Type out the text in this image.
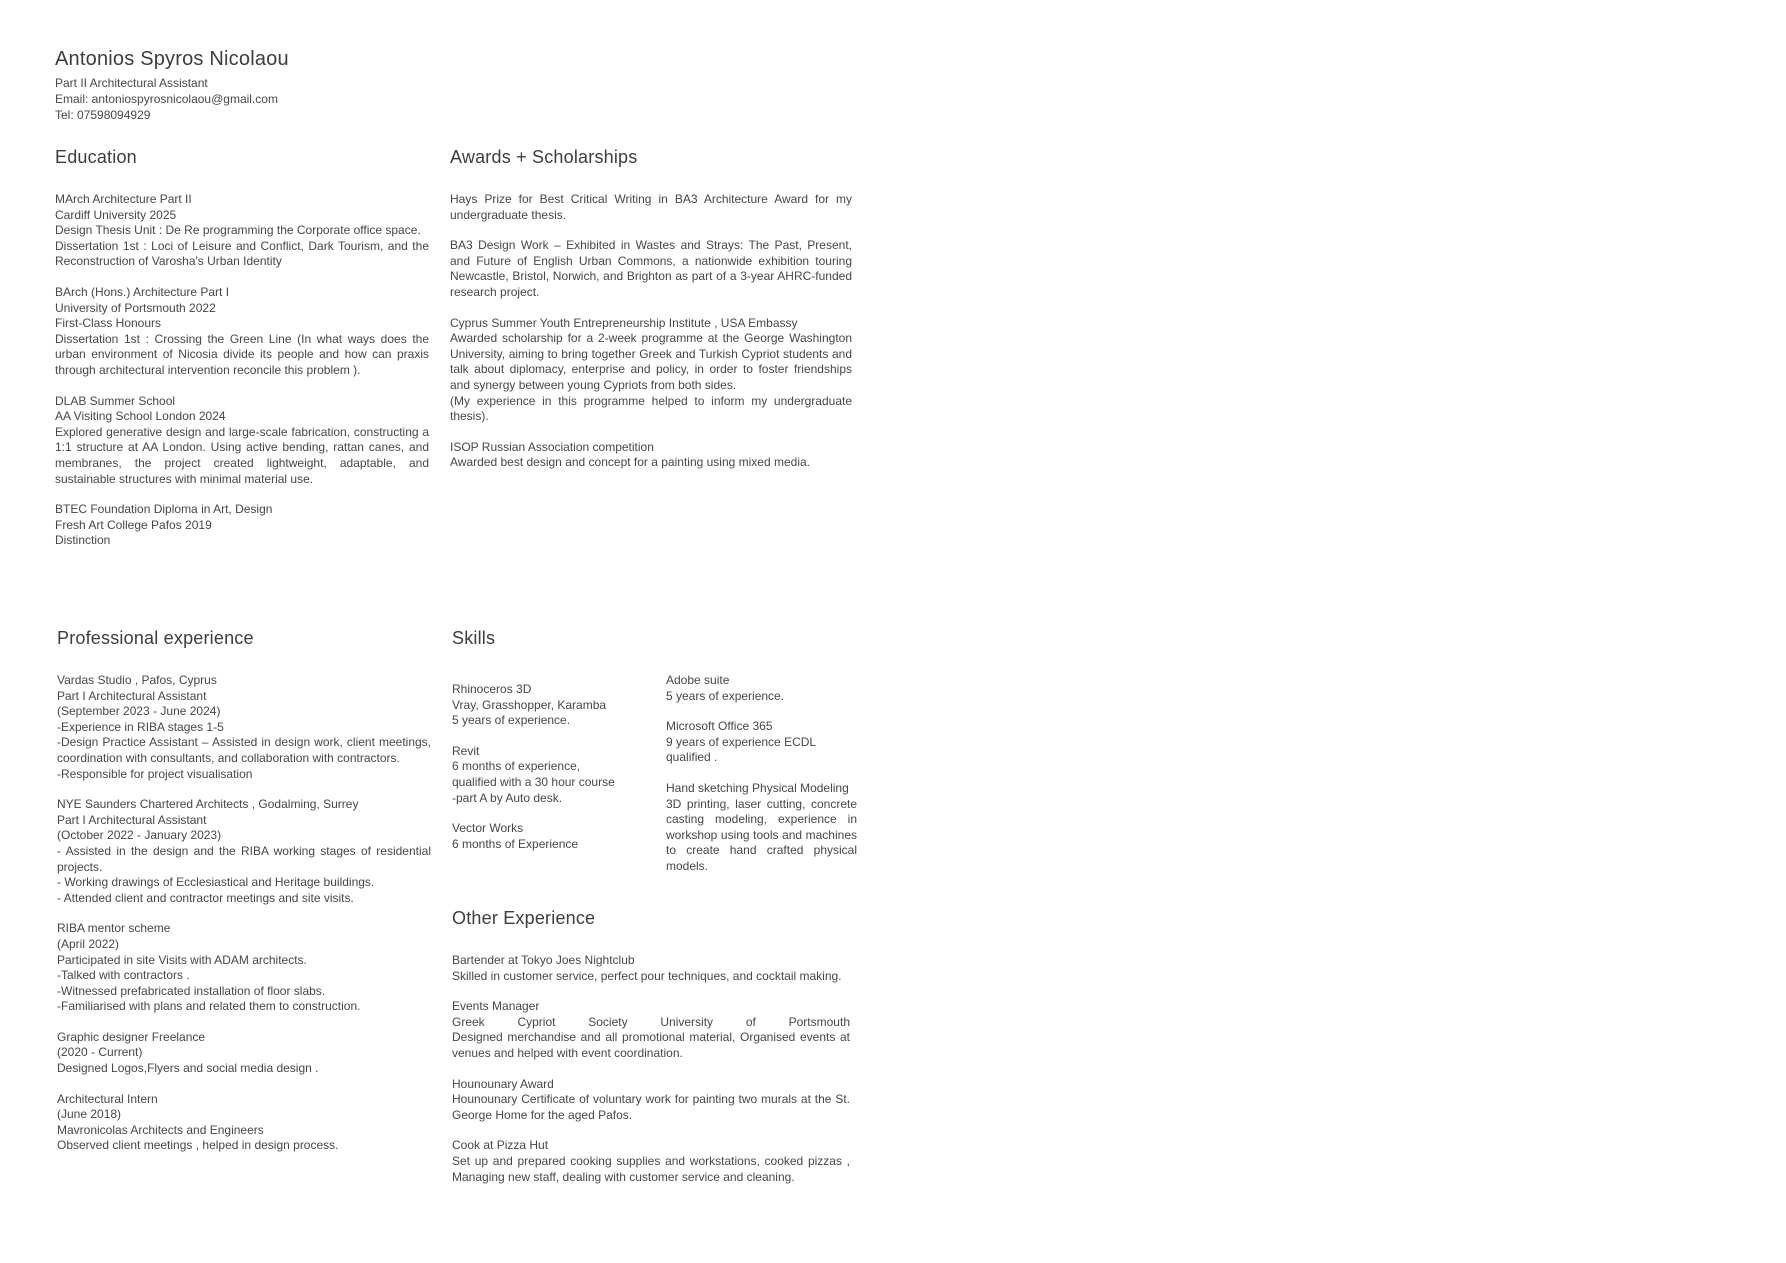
Antonios Spyros Nicolaou
Part II Architectural Assistant
Email: antoniospyrosnicolaou@gmail.com
Tel: 07598094929
Education
MArch Architecture Part II
Cardiff University 2025
Design Thesis Unit : De Re programming the Corporate office space.
Dissertation 1st : Loci of Leisure and Conflict, Dark Tourism, and the Reconstruction of Varosha's Urban Identity
BArch (Hons.) Architecture Part I
University of Portsmouth 2022
First-Class Honours
Dissertation 1st : Crossing the Green Line (In what ways does the urban environment of Nicosia divide its people and how can praxis through architectural intervention reconcile this problem ).
DLAB Summer School
AA Visiting School London 2024
Explored generative design and large-scale fabrication, constructing a 1:1 structure at AA London. Using active bending, rattan canes, and membranes, the project created lightweight, adaptable, and sustainable structures with minimal material use.
BTEC Foundation Diploma in Art, Design
Fresh Art College Pafos 2019
Distinction
Awards + Scholarships
Hays Prize for Best Critical Writing in BA3 Architecture Award for my undergraduate thesis.
BA3 Design Work – Exhibited in Wastes and Strays: The Past, Present, and Future of English Urban Commons, a nationwide exhibition touring Newcastle, Bristol, Norwich, and Brighton as part of a 3-year AHRC-funded research project.
Cyprus Summer Youth Entrepreneurship Institute , USA Embassy
Awarded scholarship for a 2-week programme at the George Washington University, aiming to bring together Greek and Turkish Cypriot students and talk about diplomacy, enterprise and policy, in order to foster friendships and synergy between young Cypriots from both sides.
(My experience in this programme helped to inform my undergraduate thesis).
ISOP Russian Association competition
Awarded best design and concept for a painting using mixed media.
Professional experience
Vardas Studio , Pafos, Cyprus
Part I Architectural Assistant
(September 2023 - June 2024)
-Experience in RIBA stages 1-5
-Design Practice Assistant – Assisted in design work, client meetings, coordination with consultants, and collaboration with contractors.
-Responsible for project visualisation
NYE Saunders Chartered Architects , Godalming, Surrey
Part I Architectural Assistant
(October 2022 - January 2023)
- Assisted in the design and the RIBA working stages of residential projects.
- Working drawings of Ecclesiastical and Heritage buildings.
- Attended client and contractor meetings and site visits.
RIBA mentor scheme
(April 2022)
Participated in site Visits with ADAM architects.
-Talked with contractors .
-Witnessed prefabricated installation of floor slabs.
-Familiarised with plans and related them to construction.
Graphic designer Freelance
(2020 - Current)
Designed Logos,Flyers and social media design .
Architectural Intern
(June 2018)
Mavronicolas Architects and Engineers
Observed client meetings , helped in design process.
Skills
Rhinoceros 3D
Vray, Grasshopper, Karamba
5 years of experience.
Revit
6 months of experience,
qualified with a 30 hour course
-part A by Auto desk.
Vector Works
6 months of Experience
Adobe suite
5 years of experience.
Microsoft Office 365
9 years of experience ECDL
qualified .
Hand sketching Physical Modeling
3D printing, laser cutting, concrete casting modeling, experience in workshop using tools and machines to create hand crafted physical models.
Other Experience
Bartender at Tokyo Joes Nightclub
Skilled in customer service, perfect pour techniques, and cocktail making.
Events Manager
Greek Cypriot Society University of Portsmouth
Designed merchandise and all promotional material, Organised events at venues and helped with event coordination.
Hounounary Award
Hounounary Certificate of voluntary work for painting two murals at the St. George Home for the aged Pafos.
Cook at Pizza Hut
Set up and prepared cooking supplies and workstations, cooked pizzas , Managing new staff, dealing with customer service and cleaning.
